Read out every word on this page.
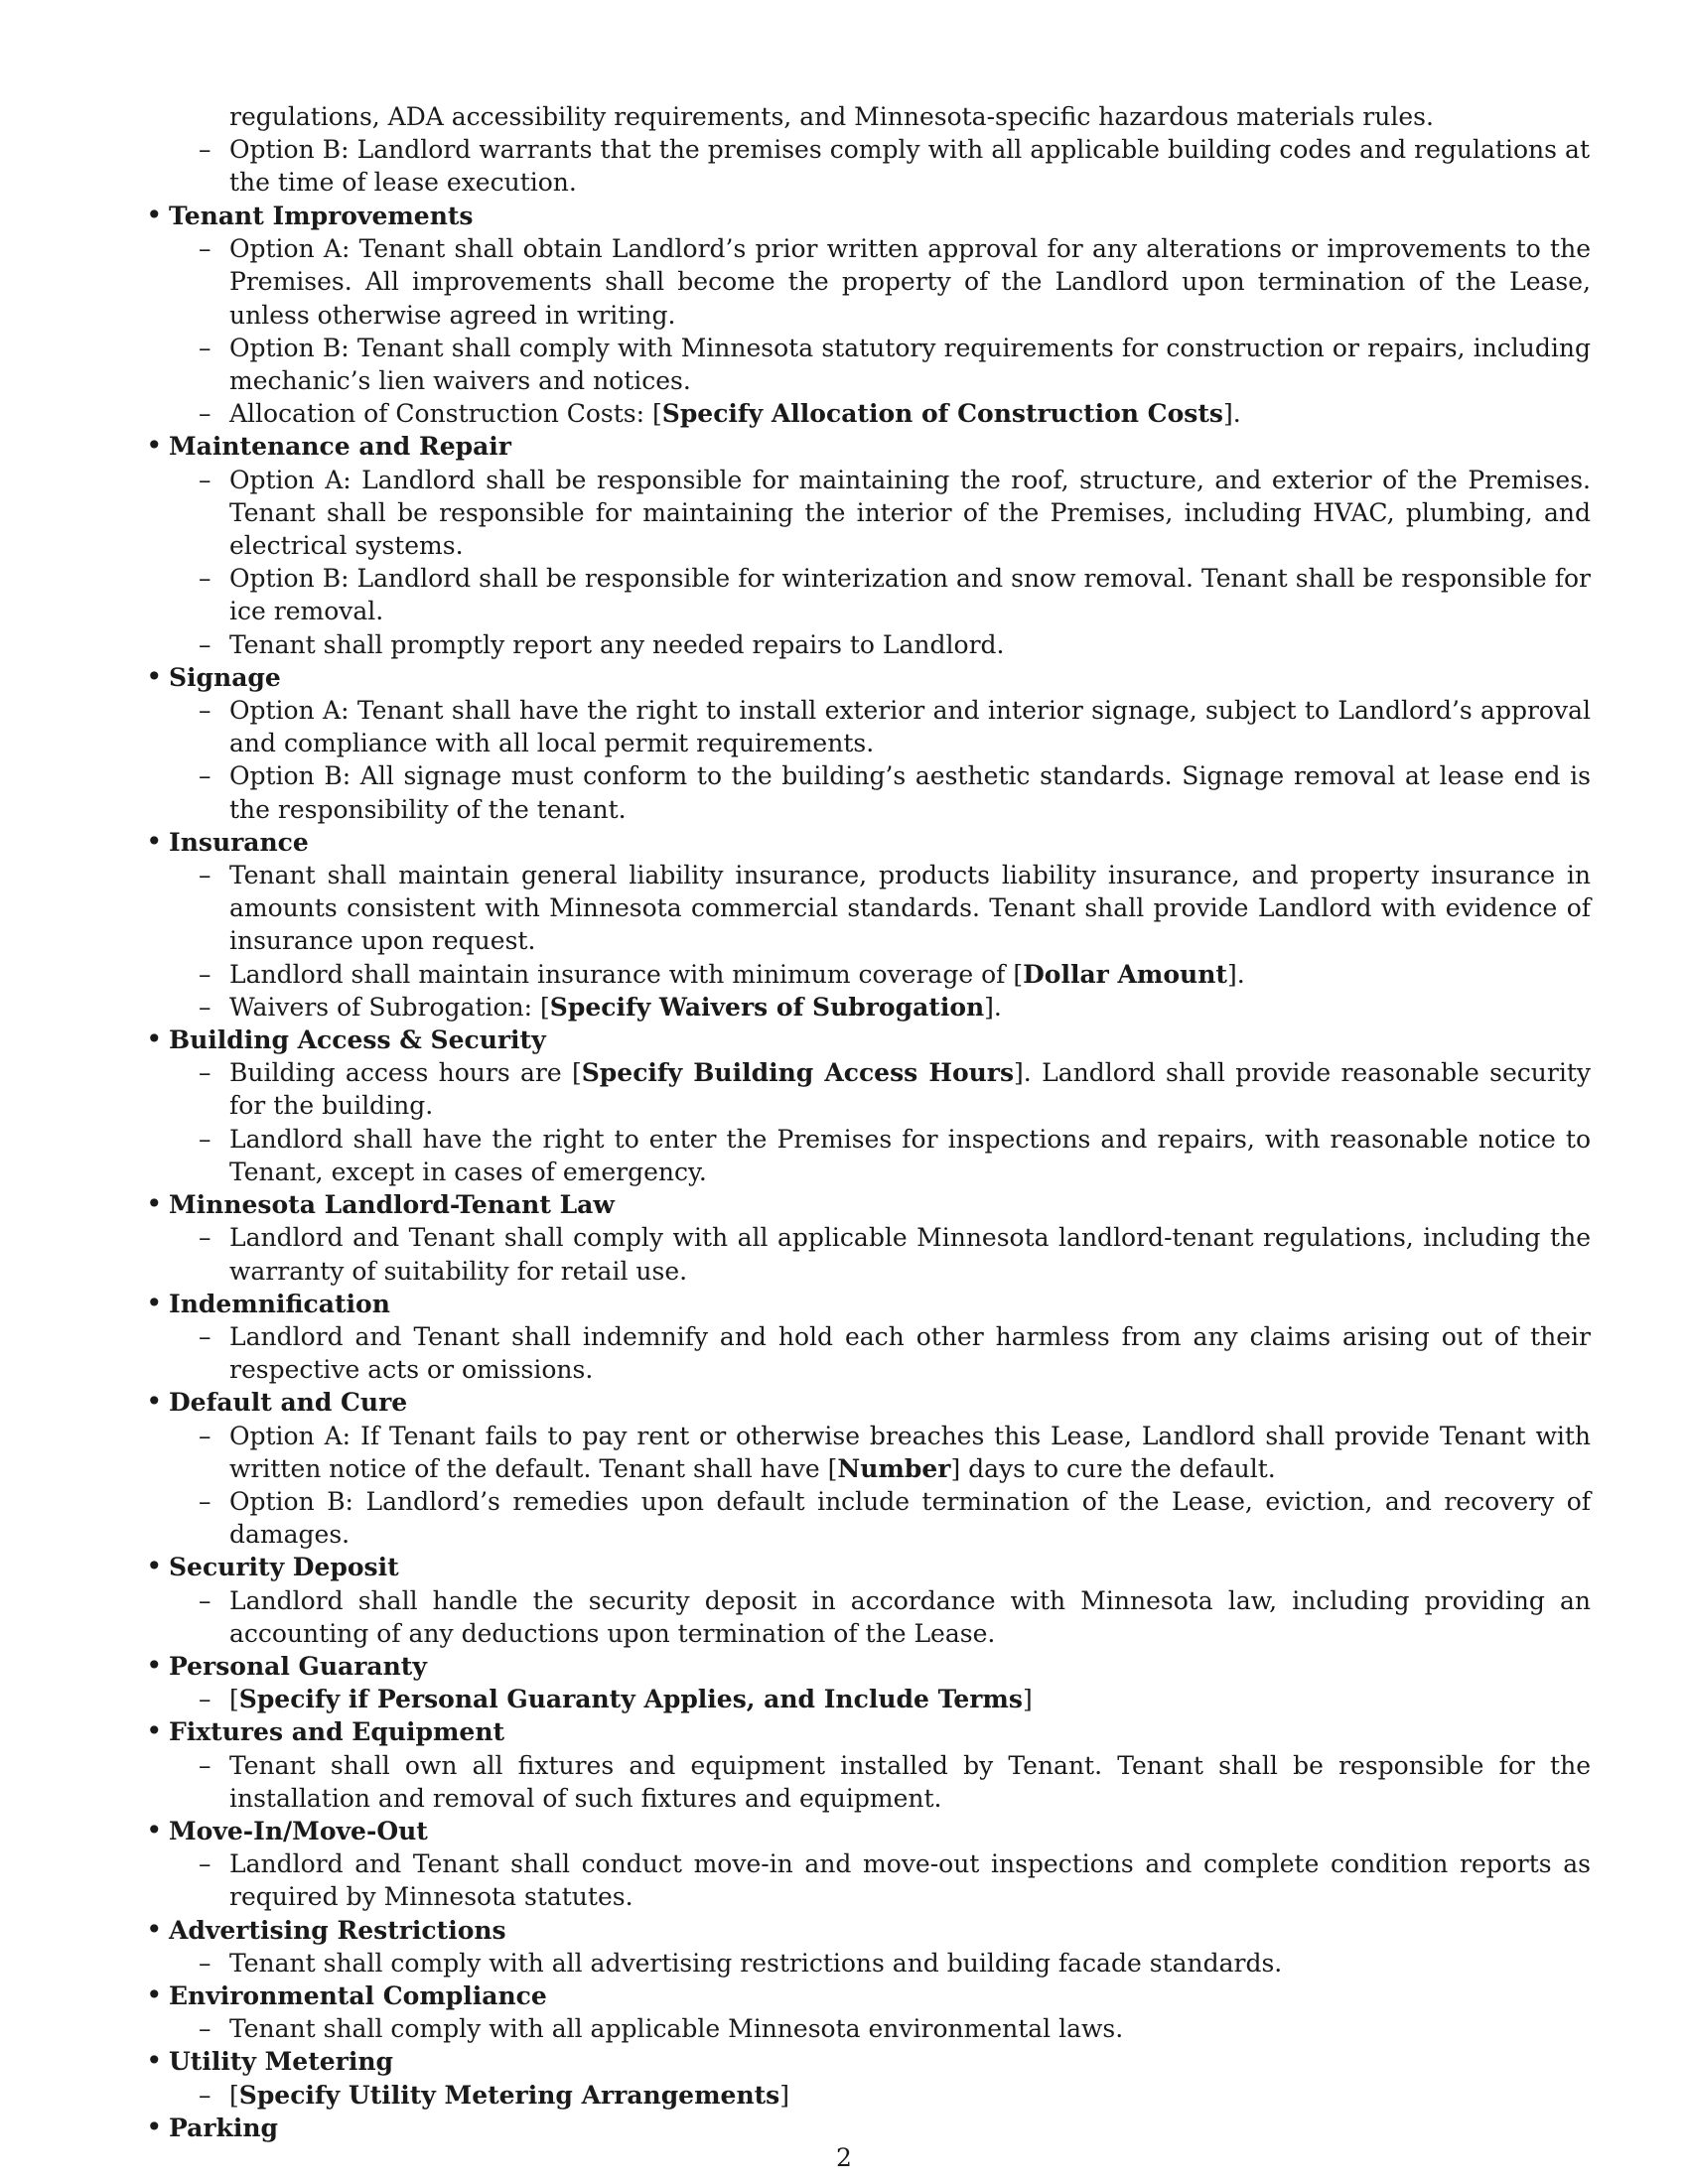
regulations, ADA accessibility requirements, and Minnesota-specific hazardous materials rules.
– Option B: Landlord warrants that the premises comply with all applicable building codes and regulations at the time of lease execution.
Tenant Improvements
– Option A: Tenant shall obtain Landlord’s prior written approval for any alterations or improvements to the Premises. All improvements shall become the property of the Landlord upon termination of the Lease, unless otherwise agreed in writing.
– Option B: Tenant shall comply with Minnesota statutory requirements for construction or repairs, including mechanic’s lien waivers and notices.
– Allocation of Construction Costs: [Specify Allocation of Construction Costs].
Maintenance and Repair
– Option A: Landlord shall be responsible for maintaining the roof, structure, and exterior of the Premises. Tenant shall be responsible for maintaining the interior of the Premises, including HVAC, plumbing, and electrical systems.
– Option B: Landlord shall be responsible for winterization and snow removal. Tenant shall be responsible for ice removal.
– Tenant shall promptly report any needed repairs to Landlord.
Signage
– Option A: Tenant shall have the right to install exterior and interior signage, subject to Landlord’s approval and compliance with all local permit requirements.
– Option B: All signage must conform to the building’s aesthetic standards. Signage removal at lease end is the responsibility of the tenant.
Insurance
– Tenant shall maintain general liability insurance, products liability insurance, and property insurance in amounts consistent with Minnesota commercial standards. Tenant shall provide Landlord with evidence of insurance upon request.
– Landlord shall maintain insurance with minimum coverage of [Dollar Amount].
– Waivers of Subrogation: [Specify Waivers of Subrogation].
Building Access & Security
– Building access hours are [Specify Building Access Hours]. Landlord shall provide reasonable security for the building.
– Landlord shall have the right to enter the Premises for inspections and repairs, with reasonable notice to Tenant, except in cases of emergency.
Minnesota Landlord-Tenant Law
– Landlord and Tenant shall comply with all applicable Minnesota landlord-tenant regulations, including the warranty of suitability for retail use.
Indemnification
– Landlord and Tenant shall indemnify and hold each other harmless from any claims arising out of their respective acts or omissions.
Default and Cure
– Option A: If Tenant fails to pay rent or otherwise breaches this Lease, Landlord shall provide Tenant with written notice of the default. Tenant shall have [Number] days to cure the default.
– Option B: Landlord’s remedies upon default include termination of the Lease, eviction, and recovery of damages.
Security Deposit
– Landlord shall handle the security deposit in accordance with Minnesota law, including providing an accounting of any deductions upon termination of the Lease.
Personal Guaranty
– [Specify if Personal Guaranty Applies, and Include Terms]
Fixtures and Equipment
– Tenant shall own all fixtures and equipment installed by Tenant. Tenant shall be responsible for the installation and removal of such fixtures and equipment.
Move-In/Move-Out
– Landlord and Tenant shall conduct move-in and move-out inspections and complete condition reports as required by Minnesota statutes.
Advertising Restrictions
– Tenant shall comply with all advertising restrictions and building facade standards.
Environmental Compliance
– Tenant shall comply with all applicable Minnesota environmental laws.
Utility Metering
– [Specify Utility Metering Arrangements]
Parking
2
